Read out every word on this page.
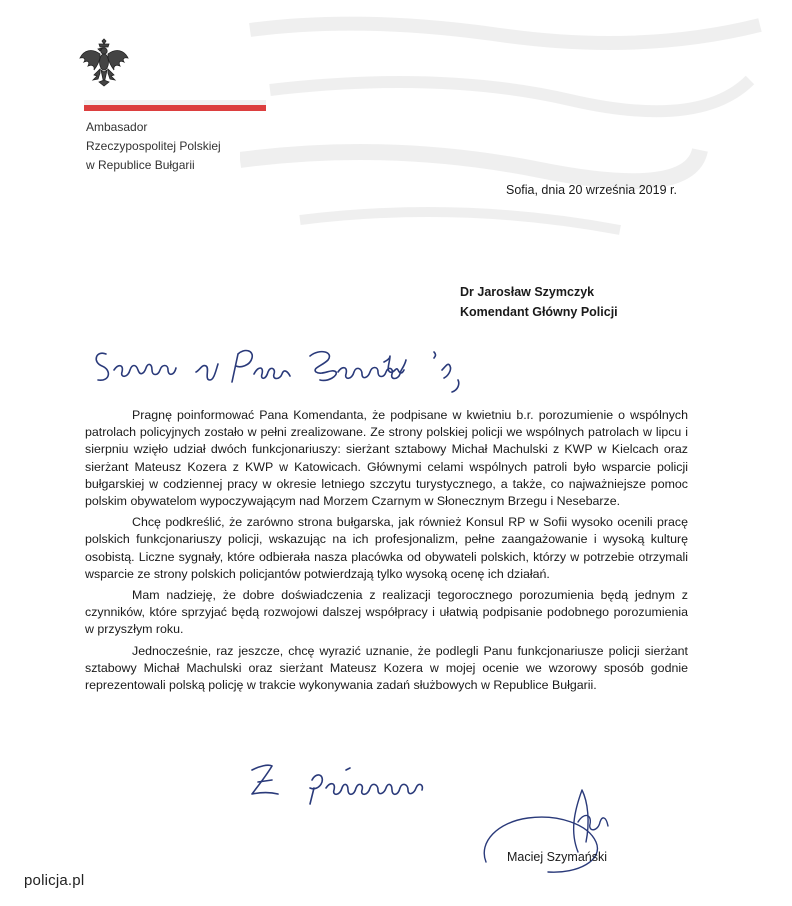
Ambasador
Rzeczypospolitej Polskiej
w Republice Bułgarii
Sofia, dnia 20 września 2019 r.
Dr Jarosław Szymczyk
Komendant Główny Policji

Pragnę poinformować Pana Komendanta, że podpisane w kwietniu b.r. porozumienie o wspólnych patrolach policyjnych zostało w pełni zrealizowane. Ze strony polskiej policji we wspólnych patrolach w lipcu i sierpniu wzięło udział dwóch funkcjonariuszy: sierżant sztabowy Michał Machulski z KWP w Kielcach oraz sierżant Mateusz Kozera z KWP w Katowicach. Głównymi celami wspólnych patroli było wsparcie policji bułgarskiej w codziennej pracy w okresie letniego szczytu turystycznego, a także, co najważniejsze pomoc polskim obywatelom wypoczywającym nad Morzem Czarnym w Słonecznym Brzegu i Nesebarze.

Chcę podkreślić, że zarówno strona bułgarska, jak również Konsul RP w Sofii wysoko ocenili pracę polskich funkcjonariuszy policji, wskazując na ich profesjonalizm, pełne zaangażowanie i wysoką kulturę osobistą. Liczne sygnały, które odbierała nasza placówka od obywateli polskich, którzy w potrzebie otrzymali wsparcie ze strony polskich policjantów potwierdzają tylko wysoką ocenę ich działań.

Mam nadzieję, że dobre doświadczenia z realizacji tegorocznego porozumienia będą jednym z czynników, które sprzyjać będą rozwojowi dalszej współpracy i ułatwią podpisanie podobnego porozumienia w przyszłym roku.

Jednocześnie, raz jeszcze, chcę wyrazić uznanie, że podlegli Panu funkcjonariusze policji sierżant sztabowy Michał Machulski oraz sierżant Mateusz Kozera w mojej ocenie we wzorowy sposób godnie reprezentowali polską policję w trakcie wykonywania zadań służbowych w Republice Bułgarii.

Maciej Szymański
policja.pl
